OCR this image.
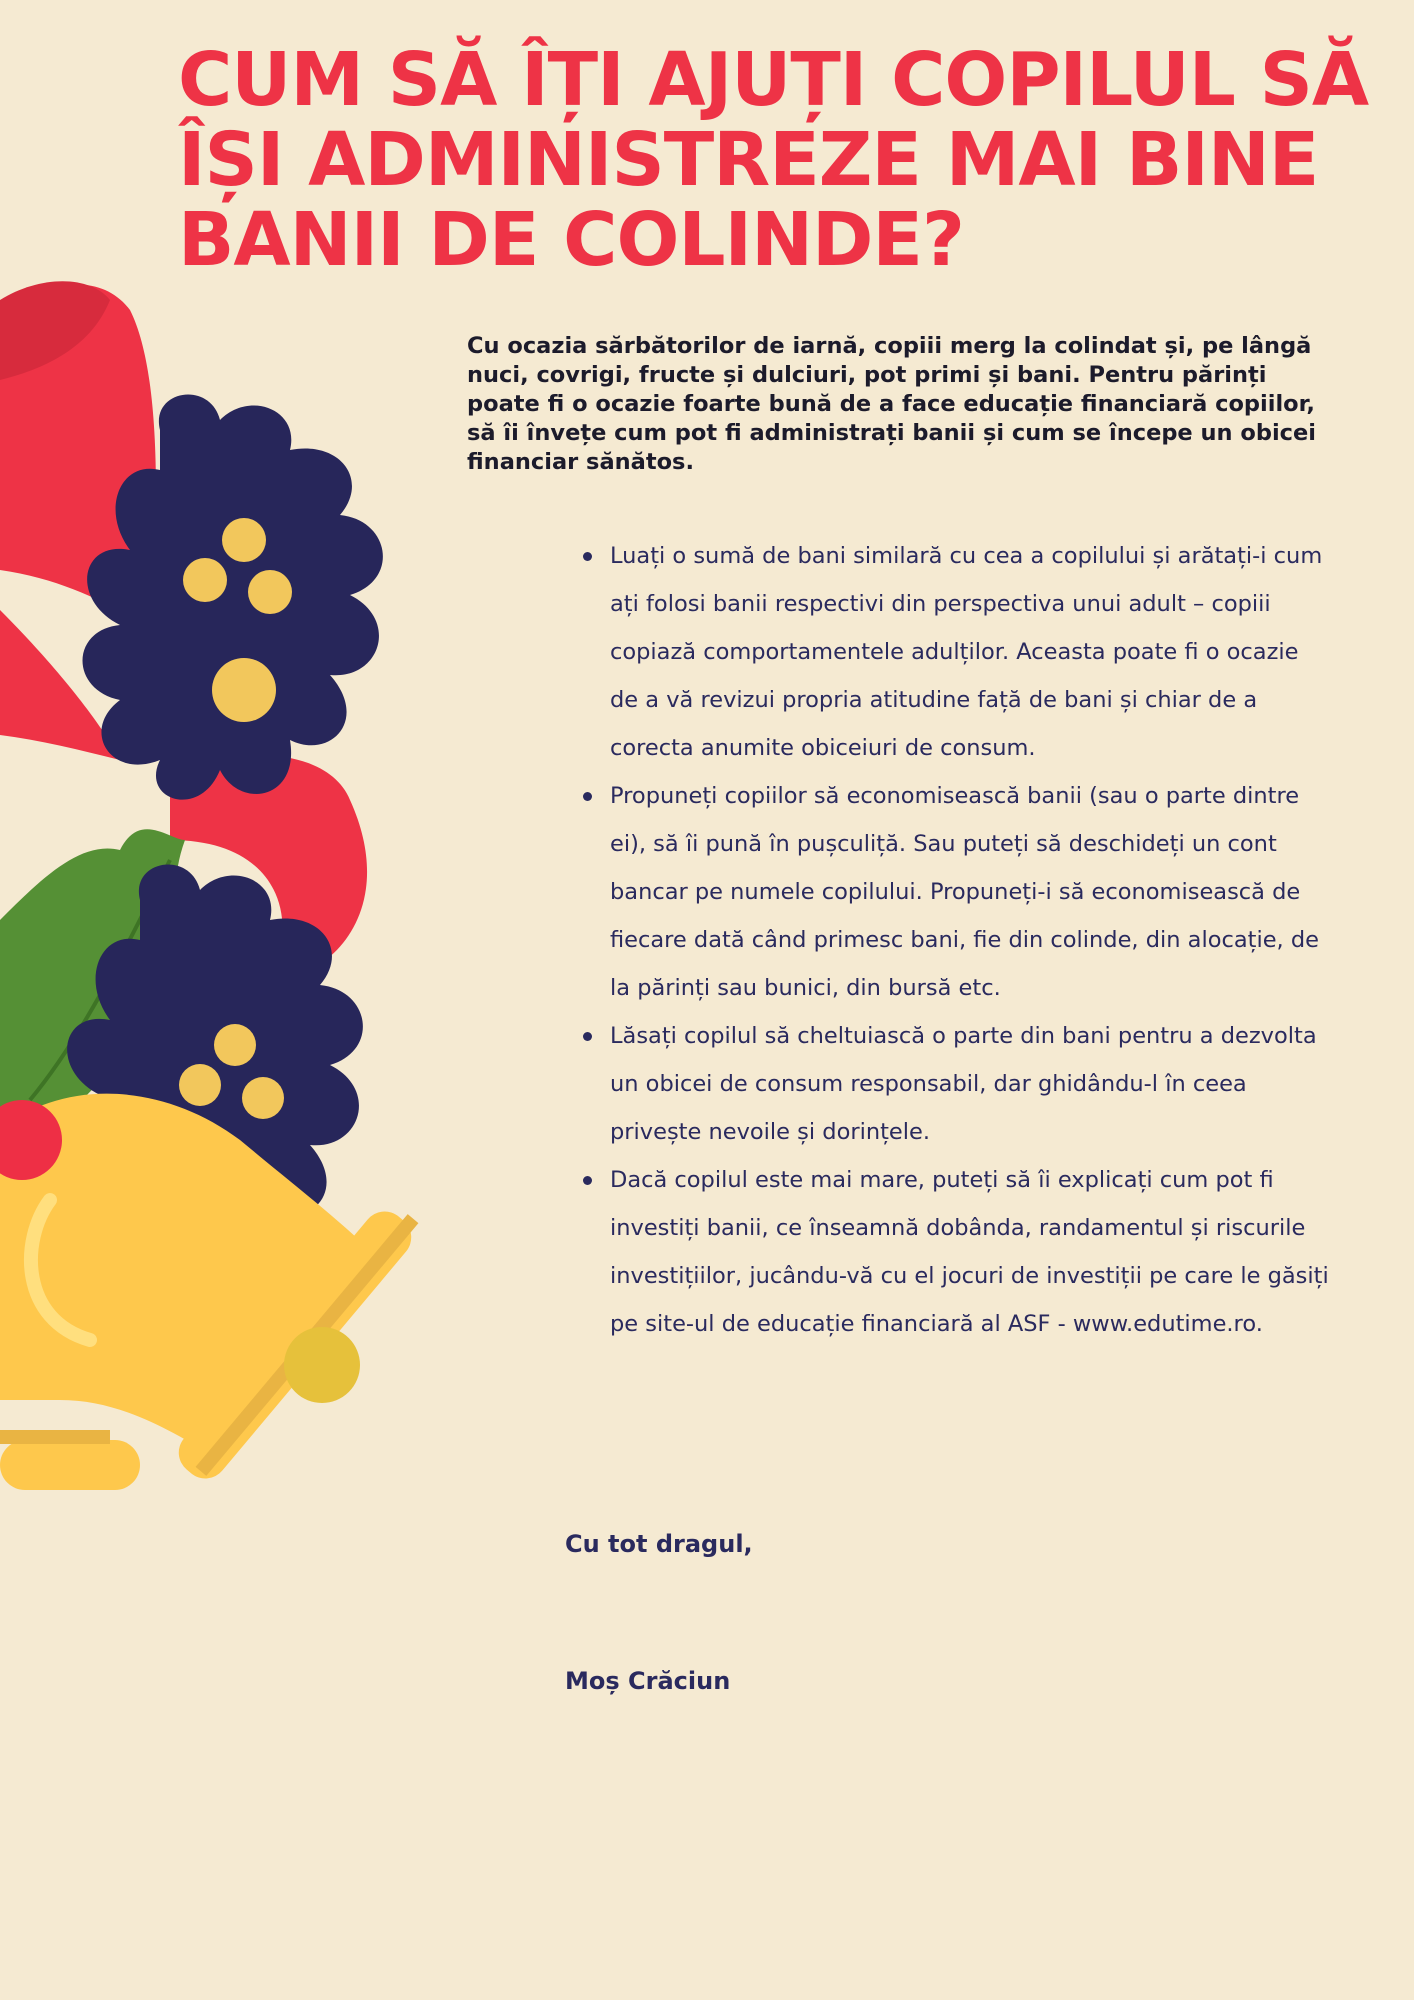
CUM SĂ ÎȚI AJUȚI COPILUL SĂ
ÎȘI ADMINISTREZE MAI BINE
BANII DE COLINDE?

Cu ocazia sărbătorilor de iarnă, copiii merg la colindat și, pe lângă nuci, covrigi, fructe și dulciuri, pot primi și bani. Pentru părinți poate fi o ocazie foarte bună de a face educație financiară copiilor, să îi învețe cum pot fi administrați banii și cum se începe un obicei financiar sănătos.

Luați o sumă de bani similară cu cea a copilului și arătați-i cum ați folosi banii respectivi din perspectiva unui adult – copiii copiază comportamentele adulților. Aceasta poate fi o ocazie de a vă revizui propria atitudine față de bani și chiar de a corecta anumite obiceiuri de consum.
Propuneți copiilor să economisească banii (sau o parte dintre ei), să îi pună în pușculiță. Sau puteți să deschideți un cont bancar pe numele copilului. Propuneți-i să economisească de fiecare dată când primesc bani, fie din colinde, din alocație, de la părinți sau bunici, din bursă etc.
Lăsați copilul să cheltuiască o parte din bani pentru a dezvolta un obicei de consum responsabil, dar ghidându-l în ceea privește nevoile și dorințele.
Dacă copilul este mai mare, puteți să îi explicați cum pot fi investiți banii, ce înseamnă dobânda, randamentul și riscurile investițiilor, jucându-vă cu el jocuri de investiții pe care le găsiți pe site-ul de educație financiară al ASF - www.edutime.ro.

Cu tot dragul,

Moș Crăciun
